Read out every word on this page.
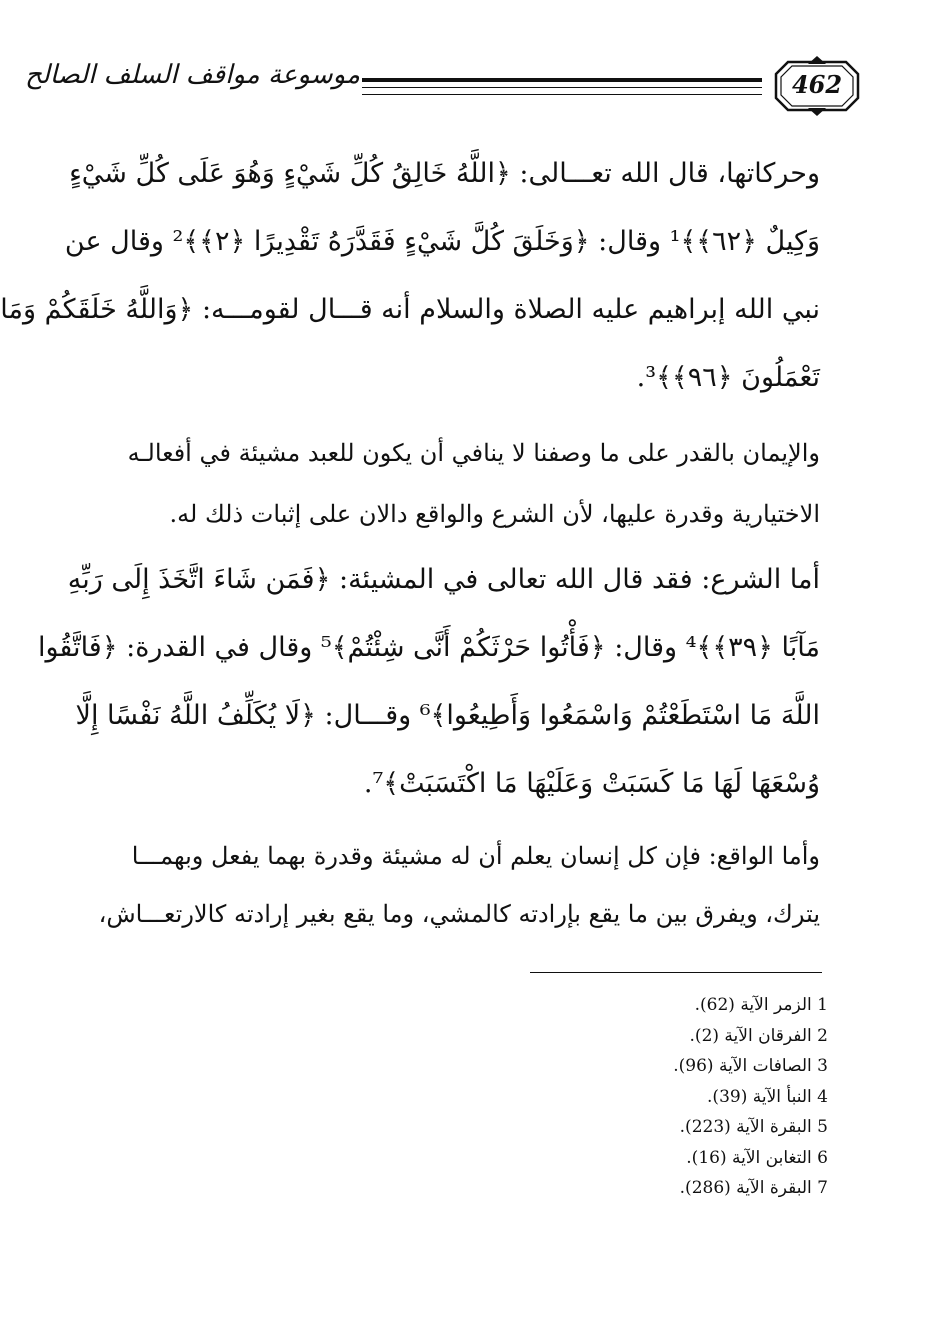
موسوعة مواقف السلف الصالح	462

وحركاتها، قال الله تعـــالى: ﴿اللَّهُ خَالِقُ كُلِّ شَيْءٍ وَهُوَ عَلَى كُلِّ شَيْءٍ
وَكِيلٌ ﴿٦٢﴾﴾¹ وقال: ﴿وَخَلَقَ كُلَّ شَيْءٍ فَقَدَّرَهُ تَقْدِيرًا ﴿٢﴾﴾² وقال عن
نبي الله إبراهيم عليه الصلاة والسلام أنه قـــال لقومـــه: ﴿وَاللَّهُ خَلَقَكُمْ وَمَا
تَعْمَلُونَ ﴿٩٦﴾﴾³.

والإيمان بالقدر على ما وصفنا لا ينافي أن يكون للعبد مشيئة في أفعالـه
الاختيارية وقدرة عليها، لأن الشرع والواقع دالان على إثبات ذلك له.

أما الشرع: فقد قال الله تعالى في المشيئة: ﴿فَمَن شَاءَ اتَّخَذَ إِلَى رَبِّهِ
مَآبًا ﴿٣٩﴾﴾⁴ وقال: ﴿فَأْتُوا حَرْثَكُمْ أَنَّى شِئْتُمْ﴾⁵ وقال في القدرة: ﴿فَاتَّقُوا
اللَّهَ مَا اسْتَطَعْتُمْ وَاسْمَعُوا وَأَطِيعُوا﴾⁶ وقـــال: ﴿لَا يُكَلِّفُ اللَّهُ نَفْسًا إِلَّا
وُسْعَهَا لَهَا مَا كَسَبَتْ وَعَلَيْهَا مَا اكْتَسَبَتْ﴾⁷.

وأما الواقع: فإن كل إنسان يعلم أن له مشيئة وقدرة بهما يفعل وبهمـــا
يترك، ويفرق بين ما يقع بإرادته كالمشي، وما يقع بغير إرادته كالارتعـــاش،

1 الزمر الآية (62).
2 الفرقان الآية (2).
3 الصافات الآية (96).
4 النبأ الآية (39).
5 البقرة الآية (223).
6 التغابن الآية (16).
7 البقرة الآية (286).
